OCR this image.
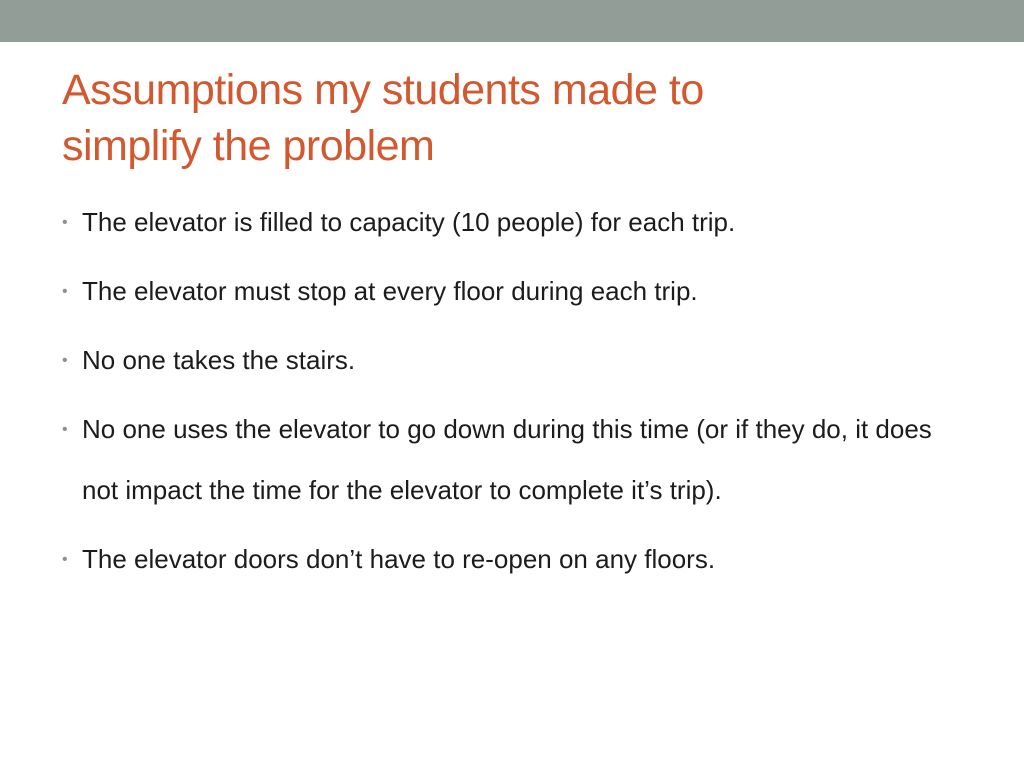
Assumptions my students made to
simplify the problem
• The elevator is filled to capacity (10 people) for each trip.
• The elevator must stop at every floor during each trip.
• No one takes the stairs.
• No one uses the elevator to go down during this time (or if they do, it does not impact the time for the elevator to complete it’s trip).
• The elevator doors don’t have to re-open on any floors.
